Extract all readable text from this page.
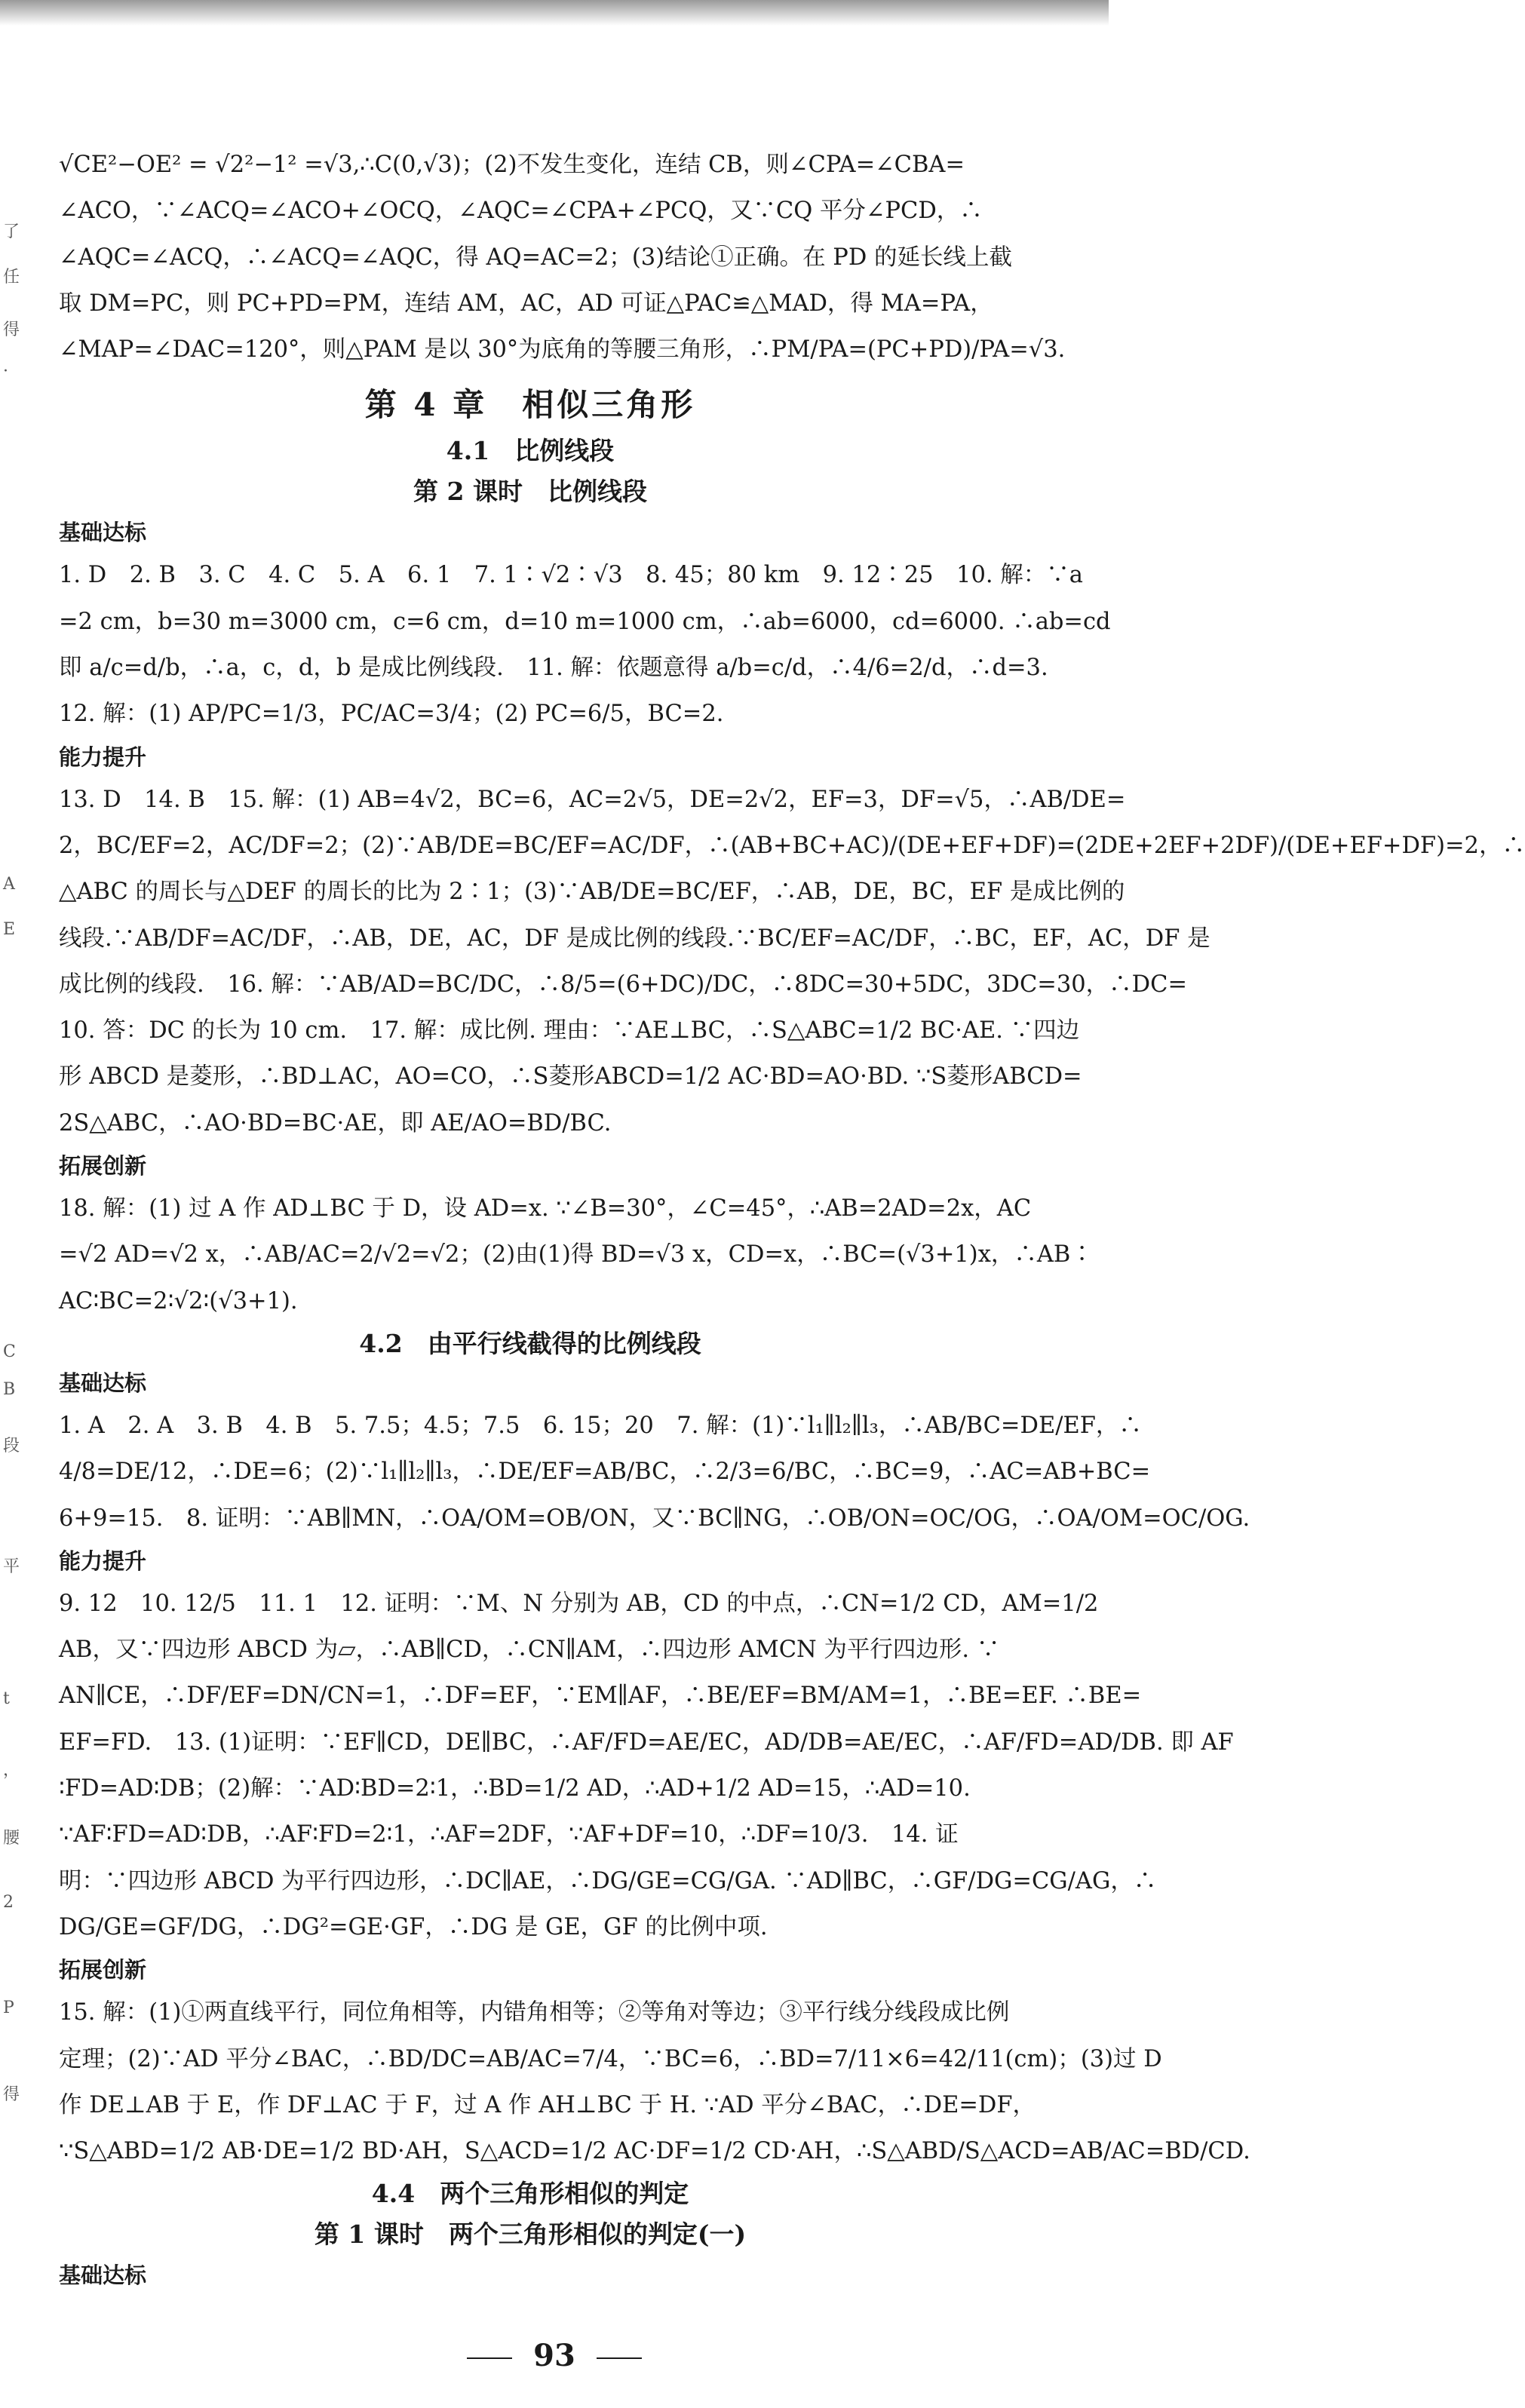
了
任
得
·
A
E
C
B
段
平
t
，
腰
2
P
得
√CE²−OE² = √2²−1² =√3,∴C(0,√3)；(2)不发生变化，连结 CB，则∠CPA=∠CBA=
∠ACO，∵∠ACQ=∠ACO+∠OCQ，∠AQC=∠CPA+∠PCQ，又∵CQ 平分∠PCD，∴
∠AQC=∠ACQ，∴∠ACQ=∠AQC，得 AQ=AC=2；(3)结论①正确。在 PD 的延长线上截
取 DM=PC，则 PC+PD=PM，连结 AM，AC，AD 可证△PAC≌△MAD，得 MA=PA，
∠MAP=∠DAC=120°，则△PAM 是以 30°为底角的等腰三角形，∴PM/PA=(PC+PD)/PA=√3.
第 4 章　相似三角形
4.1　比例线段
第 2 课时　比例线段
基础达标
1. D　2. B　3. C　4. C　5. A　6. 1　7. 1∶√2∶√3　8. 45；80 km　9. 12∶25　10. 解：∵a
=2 cm，b=30 m=3000 cm，c=6 cm，d=10 m=1000 cm，∴ab=6000，cd=6000. ∴ab=cd
即 a/c=d/b，∴a，c，d，b 是成比例线段.　11. 解：依题意得 a/b=c/d，∴4/6=2/d，∴d=3.
12. 解：(1) AP/PC=1/3，PC/AC=3/4；(2) PC=6/5，BC=2.
能力提升
13. D　14. B　15. 解：(1) AB=4√2，BC=6，AC=2√5，DE=2√2，EF=3，DF=√5，∴AB/DE=
2，BC/EF=2，AC/DF=2；(2)∵AB/DE=BC/EF=AC/DF，∴(AB+BC+AC)/(DE+EF+DF)=(2DE+2EF+2DF)/(DE+EF+DF)=2，∴
△ABC 的周长与△DEF 的周长的比为 2∶1；(3)∵AB/DE=BC/EF，∴AB，DE，BC，EF 是成比例的
线段.∵AB/DF=AC/DF，∴AB，DE，AC，DF 是成比例的线段.∵BC/EF=AC/DF，∴BC，EF，AC，DF 是
成比例的线段.　16. 解：∵AB/AD=BC/DC，∴8/5=(6+DC)/DC，∴8DC=30+5DC，3DC=30，∴DC=
10. 答：DC 的长为 10 cm.　17. 解：成比例. 理由：∵AE⊥BC，∴S△ABC=1/2 BC·AE. ∵四边
形 ABCD 是菱形，∴BD⊥AC，AO=CO，∴S菱形ABCD=1/2 AC·BD=AO·BD. ∵S菱形ABCD=
2S△ABC，∴AO·BD=BC·AE，即 AE/AO=BD/BC.
拓展创新
18. 解：(1) 过 A 作 AD⊥BC 于 D，设 AD=x. ∵∠B=30°，∠C=45°，∴AB=2AD=2x，AC
=√2 AD=√2 x，∴AB/AC=2/√2=√2；(2)由(1)得 BD=√3 x，CD=x，∴BC=(√3+1)x，∴AB∶
AC∶BC=2∶√2∶(√3+1).
4.2　由平行线截得的比例线段
基础达标
1. A　2. A　3. B　4. B　5. 7.5；4.5；7.5　6. 15；20　7. 解：(1)∵l₁∥l₂∥l₃，∴AB/BC=DE/EF，∴
4/8=DE/12，∴DE=6；(2)∵l₁∥l₂∥l₃，∴DE/EF=AB/BC，∴2/3=6/BC，∴BC=9，∴AC=AB+BC=
6+9=15.　8. 证明：∵AB∥MN，∴OA/OM=OB/ON，又∵BC∥NG，∴OB/ON=OC/OG，∴OA/OM=OC/OG.
能力提升
9. 12　10. 12/5　11. 1　12. 证明：∵M、N 分别为 AB，CD 的中点，∴CN=1/2 CD，AM=1/2
AB，又∵四边形 ABCD 为▱，∴AB∥CD，∴CN∥AM，∴四边形 AMCN 为平行四边形. ∵
AN∥CE，∴DF/EF=DN/CN=1，∴DF=EF，∵EM∥AF，∴BE/EF=BM/AM=1，∴BE=EF. ∴BE=
EF=FD.　13. (1)证明：∵EF∥CD，DE∥BC，∴AF/FD=AE/EC，AD/DB=AE/EC，∴AF/FD=AD/DB. 即 AF
∶FD=AD∶DB；(2)解：∵AD∶BD=2∶1，∴BD=1/2 AD，∴AD+1/2 AD=15，∴AD=10.
∵AF∶FD=AD∶DB，∴AF∶FD=2∶1，∴AF=2DF，∵AF+DF=10，∴DF=10/3.　14. 证
明：∵四边形 ABCD 为平行四边形，∴DC∥AE，∴DG/GE=CG/GA. ∵AD∥BC，∴GF/DG=CG/AG，∴
DG/GE=GF/DG，∴DG²=GE·GF，∴DG 是 GE，GF 的比例中项.
拓展创新
15. 解：(1)①两直线平行，同位角相等，内错角相等；②等角对等边；③平行线分线段成比例
定理；(2)∵AD 平分∠BAC，∴BD/DC=AB/AC=7/4，∵BC=6，∴BD=7/11×6=42/11(cm)；(3)过 D
作 DE⊥AB 于 E，作 DF⊥AC 于 F，过 A 作 AH⊥BC 于 H. ∵AD 平分∠BAC，∴DE=DF，
∵S△ABD=1/2 AB·DE=1/2 BD·AH，S△ACD=1/2 AC·DF=1/2 CD·AH，∴S△ABD/S△ACD=AB/AC=BD/CD.
4.4　两个三角形相似的判定
第 1 课时　两个三角形相似的判定(一)
基础达标
93
